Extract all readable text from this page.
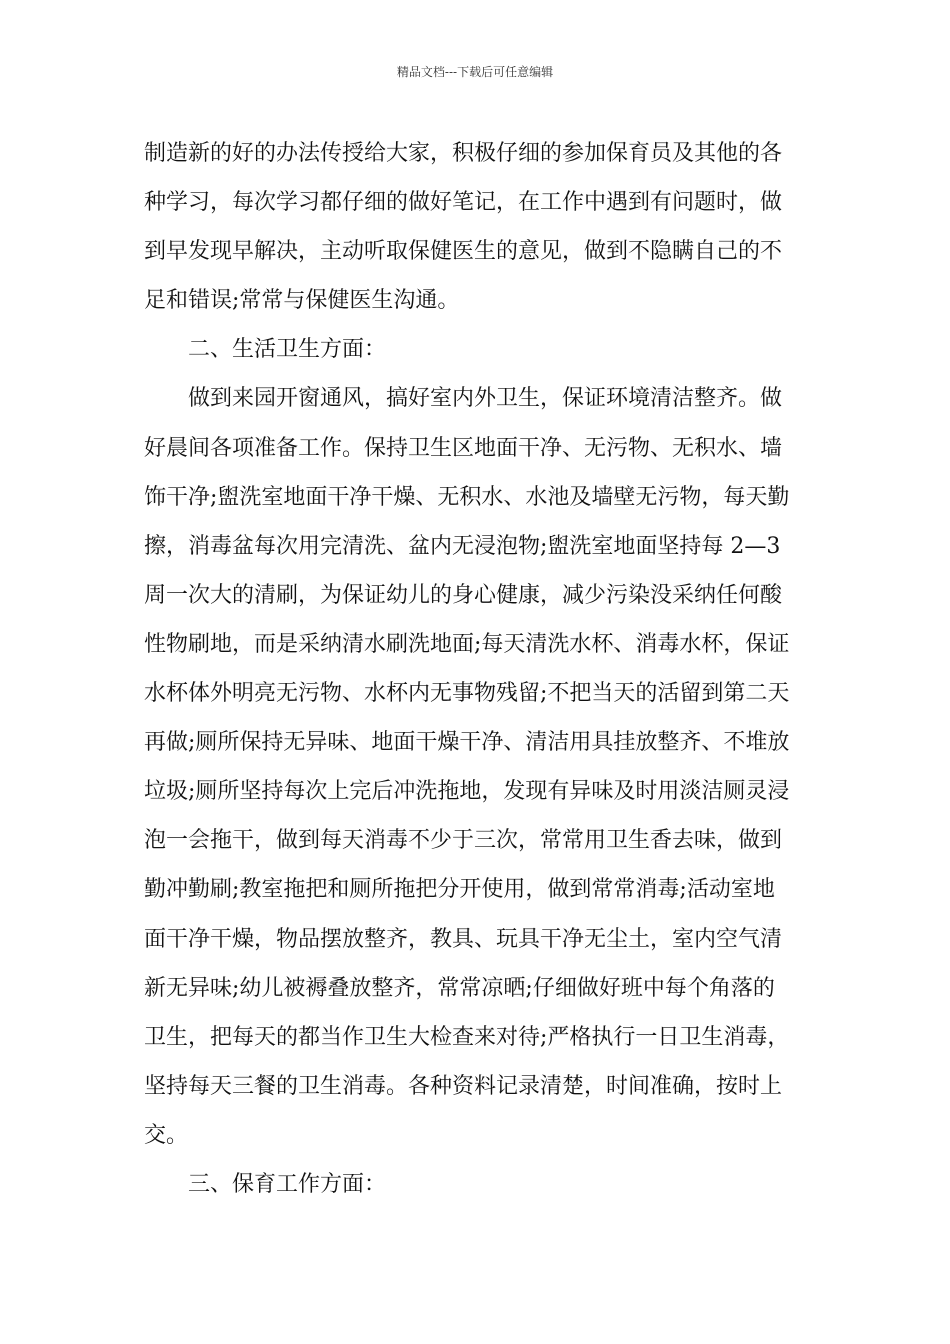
精品文档---下载后可任意编辑
制造新的好的办法传授给大家，积极仔细的参加保育员及其他的各
种学习，每次学习都仔细的做好笔记，在工作中遇到有问题时，做
到早发现早解决，主动听取保健医生的意见，做到不隐瞒自己的不
足和错误;常常与保健医生沟通。
　　二、生活卫生方面：
　　做到来园开窗通风，搞好室内外卫生，保证环境清洁整齐。做
好晨间各项准备工作。保持卫生区地面干净、无污物、无积水、墙
饰干净;盥洗室地面干净干燥、无积水、水池及墙壁无污物，每天勤
擦，消毒盆每次用完清洗、盆内无浸泡物;盥洗室地面坚持每 2—3
周一次大的清刷，为保证幼儿的身心健康，减少污染没采纳任何酸
性物刷地，而是采纳清水刷洗地面;每天清洗水杯、消毒水杯，保证
水杯体外明亮无污物、水杯内无事物残留;不把当天的活留到第二天
再做;厕所保持无异味、地面干燥干净、清洁用具挂放整齐、不堆放
垃圾;厕所坚持每次上完后冲洗拖地，发现有异味及时用淡洁厕灵浸
泡一会拖干，做到每天消毒不少于三次，常常用卫生香去味，做到
勤冲勤刷;教室拖把和厕所拖把分开使用，做到常常消毒;活动室地
面干净干燥，物品摆放整齐，教具、玩具干净无尘土，室内空气清
新无异味;幼儿被褥叠放整齐，常常凉晒;仔细做好班中每个角落的
卫生，把每天的都当作卫生大检查来对待;严格执行一日卫生消毒，
坚持每天三餐的卫生消毒。各种资料记录清楚，时间准确，按时上
交。
　　三、保育工作方面：
